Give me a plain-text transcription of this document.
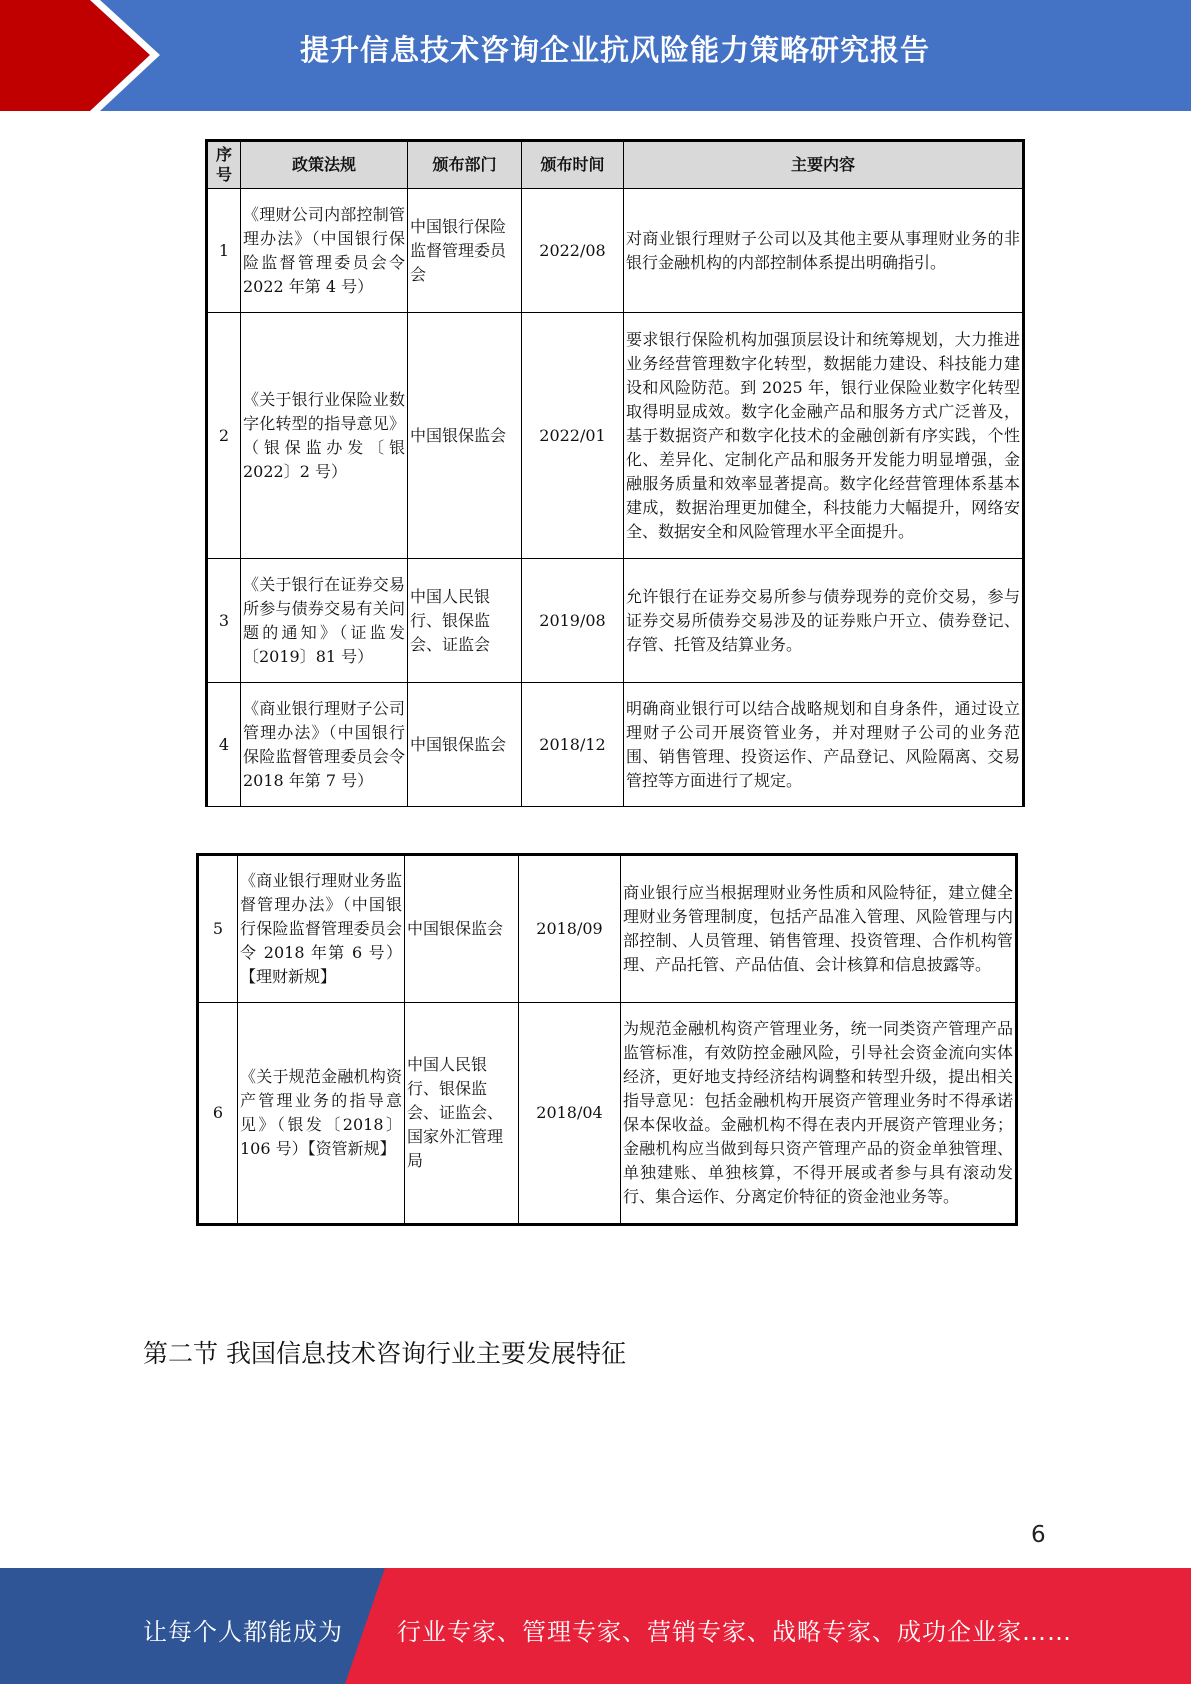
提升信息技术咨询企业抗风险能力策略研究报告
序号	政策法规	颁布部门	颁布时间	主要内容
1	《理财公司内部控制管理办法》（中国银行保险监督管理委员会令 2022 年第 4 号）	中国银行保险监督管理委员会	2022/08	对商业银行理财子公司以及其他主要从事理财业务的非银行金融机构的内部控制体系提出明确指引。
2	《关于银行业保险业数字化转型的指导意见》（银保监办发〔银 2022〕2 号）	中国银保监会	2022/01	要求银行保险机构加强顶层设计和统筹规划，大力推进业务经营管理数字化转型，数据能力建设、科技能力建设和风险防范。到 2025 年，银行业保险业数字化转型取得明显成效。数字化金融产品和服务方式广泛普及，基于数据资产和数字化技术的金融创新有序实践，个性化、差异化、定制化产品和服务开发能力明显增强，金融服务质量和效率显著提高。数字化经营管理体系基本建成，数据治理更加健全，科技能力大幅提升，网络安全、数据安全和风险管理水平全面提升。
3	《关于银行在证券交易所参与债券交易有关问题的通知》（证监发〔2019〕81 号）	中国人民银行、银保监会、证监会	2019/08	允许银行在证券交易所参与债券现券的竞价交易，参与证券交易所债券交易涉及的证券账户开立、债券登记、存管、托管及结算业务。
4	《商业银行理财子公司管理办法》（中国银行保险监督管理委员会令 2018 年第 7 号）	中国银保监会	2018/12	明确商业银行可以结合战略规划和自身条件，通过设立理财子公司开展资管业务，并对理财子公司的业务范围、销售管理、投资运作、产品登记、风险隔离、交易管控等方面进行了规定。
5	《商业银行理财业务监督管理办法》（中国银行保险监督管理委员会令 2018 年第 6 号）【理财新规】	中国银保监会	2018/09	商业银行应当根据理财业务性质和风险特征，建立健全理财业务管理制度，包括产品准入管理、风险管理与内部控制、人员管理、销售管理、投资管理、合作机构管理、产品托管、产品估值、会计核算和信息披露等。
6	《关于规范金融机构资产管理业务的指导意见》（银发〔2018〕106 号）【资管新规】	中国人民银行、银保监会、证监会、国家外汇管理局	2018/04	为规范金融机构资产管理业务，统一同类资产管理产品监管标准，有效防控金融风险，引导社会资金流向实体经济，更好地支持经济结构调整和转型升级，提出相关指导意见：包括金融机构开展资产管理业务时不得承诺保本保收益。金融机构不得在表内开展资产管理业务；金融机构应当做到每只资产管理产品的资金单独管理、单独建账、单独核算，不得开展或者参与具有滚动发行、集合运作、分离定价特征的资金池业务等。
第二节 我国信息技术咨询行业主要发展特征
6
让每个人都能成为 行业专家、管理专家、营销专家、战略专家、成功企业家……
